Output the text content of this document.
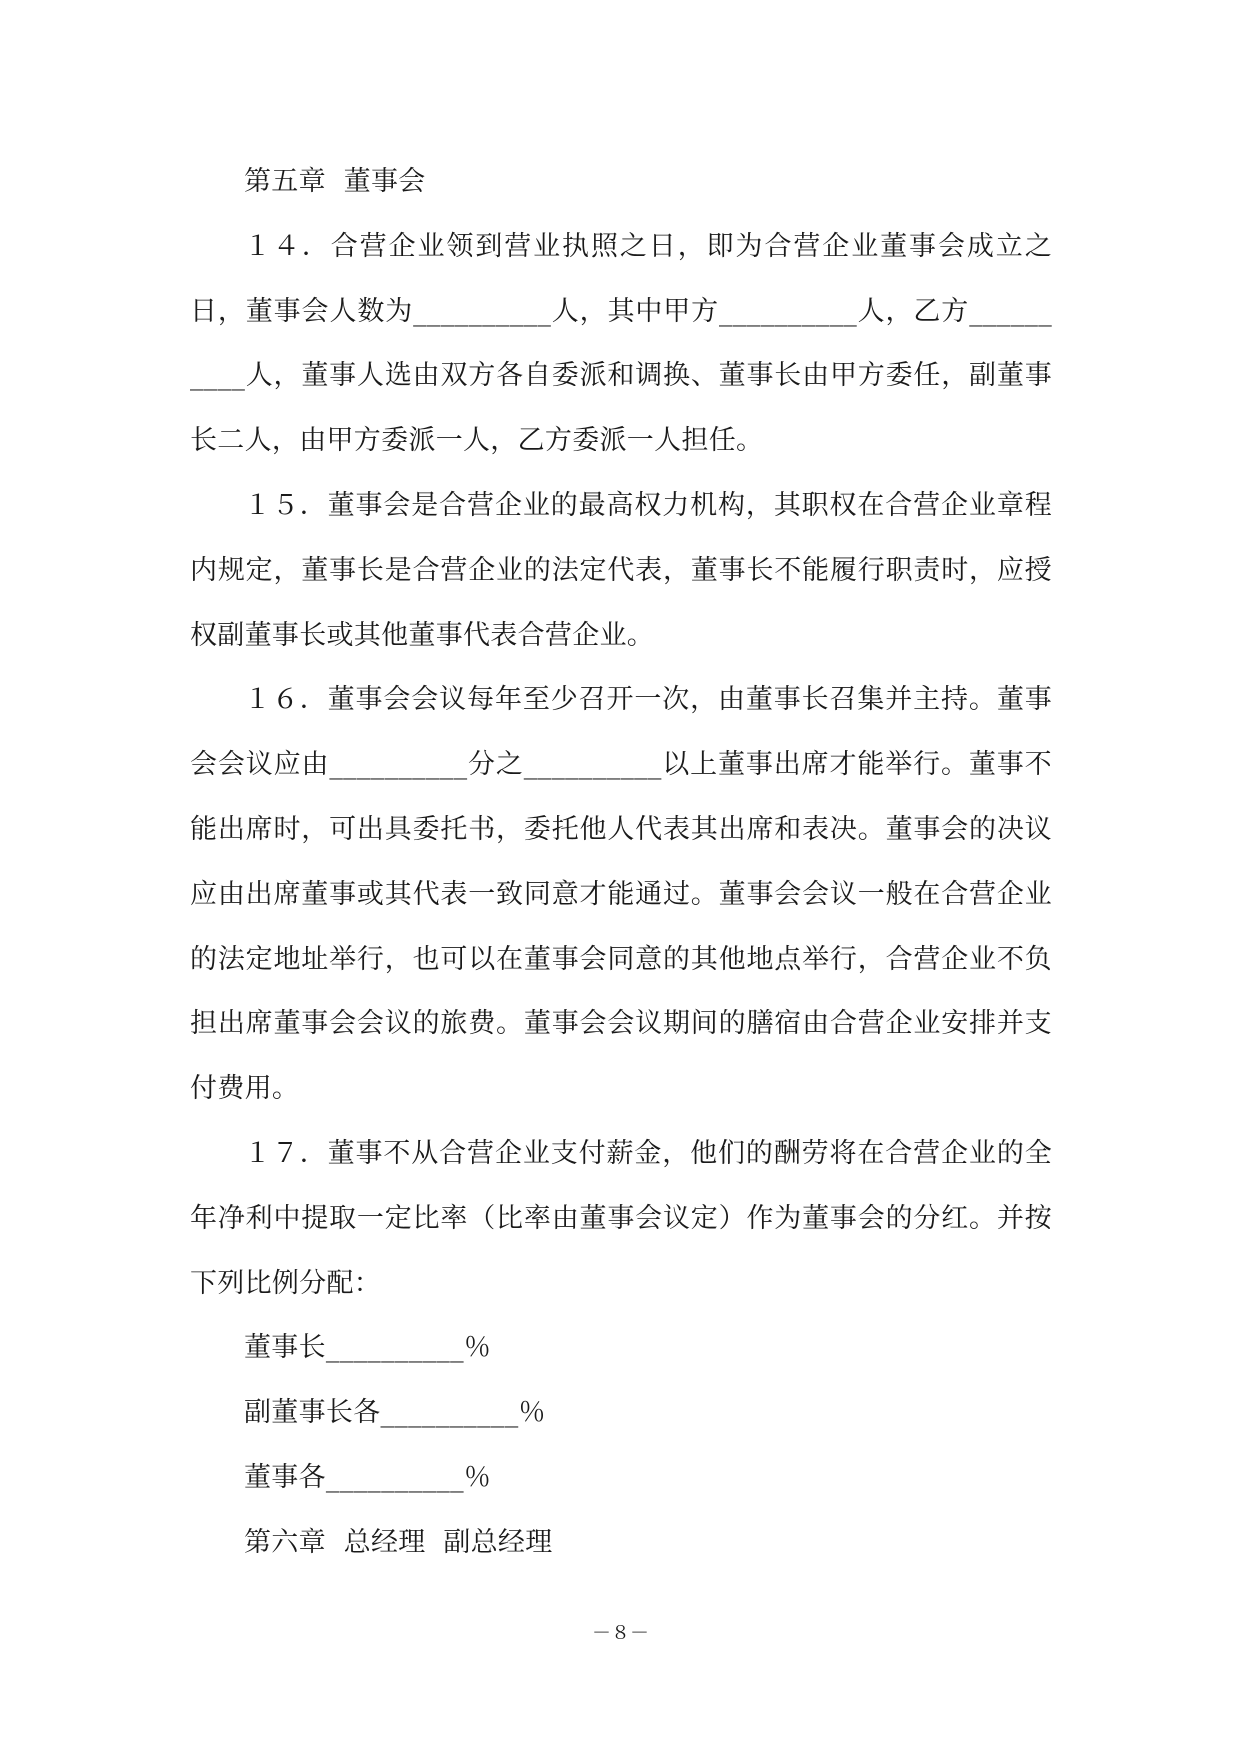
第五章  董事会

１４．合营企业领到营业执照之日，即为合营企业董事会成立之日，董事会人数为__________人，其中甲方__________人，乙方__________人，董事人选由双方各自委派和调换、董事长由甲方委任，副董事长二人，由甲方委派一人，乙方委派一人担任。

１５．董事会是合营企业的最高权力机构，其职权在合营企业章程内规定，董事长是合营企业的法定代表，董事长不能履行职责时，应授权副董事长或其他董事代表合营企业。

１６．董事会会议每年至少召开一次，由董事长召集并主持。董事会会议应由__________分之__________以上董事出席才能举行。董事不能出席时，可出具委托书，委托他人代表其出席和表决。董事会的决议应由出席董事或其代表一致同意才能通过。董事会会议一般在合营企业的法定地址举行，也可以在董事会同意的其他地点举行，合营企业不负担出席董事会会议的旅费。董事会会议期间的膳宿由合营企业安排并支付费用。

１７．董事不从合营企业支付薪金，他们的酬劳将在合营企业的全年净利中提取一定比率（比率由董事会议定）作为董事会的分红。并按下列比例分配：

董事长__________％

副董事长各__________％

董事各__________％

第六章  总经理  副总经理

－８－
